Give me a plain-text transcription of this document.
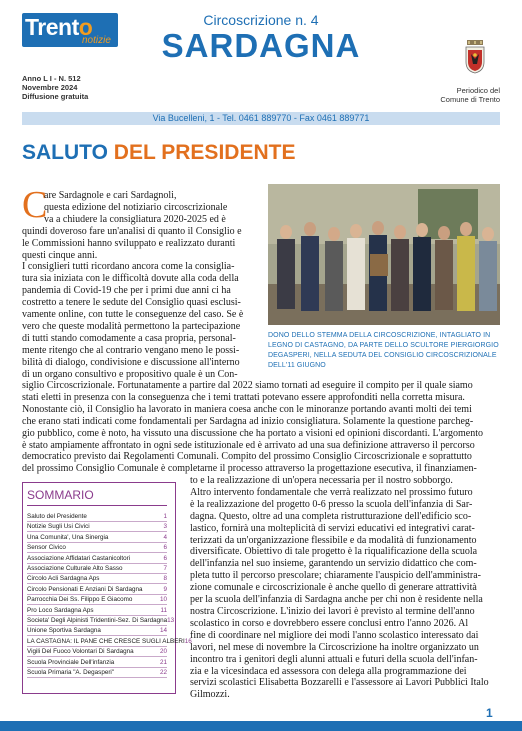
Trento
notizie
Circoscrizione n. 4
SARDAGNA
Anno L I - N. 512
Novembre 2024
Diffusione gratuita
Periodico del
Comune di Trento
Via Bucelleni, 1 - Tel. 0461 889770 - Fax 0461 889771
SALUTO DEL PRESIDENTE
C
are Sardagnole e cari Sardagnoli,
questa edizione del notiziario circoscrizionale
va a chiudere la consigliatura 2020-2025 ed è
quindi doveroso fare un'analisi di quanto il Consiglio e
le Commissioni hanno sviluppato e realizzato duranti
questi cinque anni.
I consiglieri tutti ricordano ancora come la consiglia-
tura sia iniziata con le difficoltà dovute alla coda della
pandemia di Covid-19 che per i primi due anni ci ha
costretto a tenere le sedute del Consiglio quasi esclusi-
vamente online, con tutte le conseguenze del caso. Se è
vero che queste modalità permettono la partecipazione
di tutti stando comodamente a casa propria, personal-
mente ritengo che al contrario vengano meno le possi-
bilità di dialogo, condivisione e discussione all'interno
di un organo consultivo e propositivo quale è un Con-
DONO DELLO STEMMA DELLA CIRCOSCRIZIONE, INTAGLIATO IN LEGNO DI CASTAGNO, DA PARTE DELLO SCULTORE PIERGIORGIO DEGASPERI, NELLA SEDUTA DEL CONSIGLIO CIRCOSCRIZIONALE DELL'11 GIUGNO
siglio Circoscrizionale. Fortunatamente a partire dal 2022 siamo tornati ad eseguire il compito per il quale siamo
stati eletti in presenza con la conseguenza che i temi trattati potevano essere approfonditi nella corretta misura.
Nonostante ciò, il Consiglio ha lavorato in maniera coesa anche con le minoranze portando avanti molti dei temi
che erano stati indicati come fondamentali per Sardagna ad inizio consigliatura. Solamente la questione parcheg-
gio pubblico, come è noto, ha vissuto una discussione che ha portato a visioni ed opinioni discordanti. L'argomento
è stato ampiamente affrontato in ogni sede istituzionale ed è arrivato ad una sua definizione attraverso il percorso
democratico previsto dai Regolamenti Comunali. Compito del prossimo Consiglio Circoscrizionale e soprattutto
del prossimo Consiglio Comunale è completarne il processo attraverso la progettazione esecutiva, il finanziamen-
to e la realizzazione di un'opera necessaria per il nostro sobborgo.
Altro intervento fondamentale che verrà realizzato nel prossimo futuro
è la realizzazione del progetto 0-6 presso la scuola dell'infanzia di Sar-
dagna. Questo, oltre ad una completa ristrutturazione dell'edificio sco-
lastico, fornirà una molteplicità di servizi educativi ed integrativi carat-
terizzati da un'organizzazione flessibile e da modalità di funzionamento
diversificate. Obiettivo di tale progetto è la riqualificazione della scuola
dell'infanzia nel suo insieme, garantendo un servizio didattico che com-
pleta tutto il percorso prescolare; chiaramente l'auspicio dell'amministra-
zione comunale e circoscrizionale è anche quello di generare attrattività
per la scuola dell'infanzia di Sardagna anche per chi non è residente nella
nostra Circoscrizione. L'inizio dei lavori è previsto al termine dell'anno
scolastico in corso e dovrebbero essere conclusi entro l'anno 2026. Al
fine di coordinare nel migliore dei modi l'anno scolastico interessato dai
lavori, nel mese di novembre la Circoscrizione ha inoltre organizzato un
incontro tra i genitori degli alunni attuali e futuri della scuola dell'infan-
zia e la vicesindaca ed assessora con delega alla programmazione dei
servizi scolastici Elisabetta Bozzarelli e l'assessore ai Lavori Pubblici Italo
Gilmozzi.
SOMMARIO
Saluto del Presidente	1
Notizie Sugli Usi Civici	3
Una Comunita', Una Sinergia	4
Sensor Civico	6
Associazione Affidatari Castanicoltori	6
Associazione Culturale Alto Sasso	7
Circolo Acli Sardagna Aps	8
Circolo Pensionati E Anziani Di Sardagna	9
Parrocchia Dei Ss. Filippo E Giacomo	10
Pro Loco Sardagna Aps	11
Societa' Degli Alpinisti Tridentini-Sez. Di Sardagna 13
Unione Sportiva Sardagna	14
LA CASTAGNA: IL PANE CHE CRESCE SUGLI ALBERI 16
Vigili Del Fuoco Volontari Di Sardagna	20
Scuola Provinciale Dell'infanzia	21
Scuola Primaria "A. Degasperi"	22
1
